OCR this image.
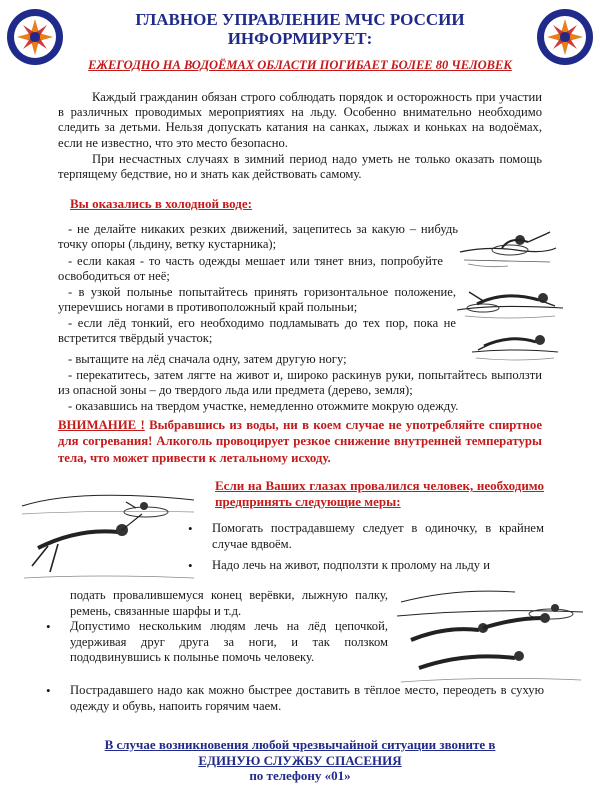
ГЛАВНОЕ УПРАВЛЕНИЕ МЧС РОССИИ
ИНФОРМИРУЕТ:
ЕЖЕГОДНО НА ВОДОЁМАХ ОБЛАСТИ ПОГИБАЕТ БОЛЕЕ 80 ЧЕЛОВЕК
Каждый гражданин обязан строго соблюдать порядок и осторожность при участии в различных проводимых мероприятиях на льду. Особенно внимательно необходимо следить за детьми. Нельзя допускать катания на санках, лыжах и коньках на водоёмах, если не известно, что это место безопасно.
При несчастных случаях в зимний период надо уметь не только оказать помощь терпящему бедствие, но и знать как действовать самому.
Вы оказались в холодной воде:
- не делайте никаких резких движений, зацепитесь за какую – нибудь точку опоры (льдину, ветку кустарника);
- если какая - то часть одежды мешает или тянет вниз, попробуйте освободиться от неё;
- в узкой полынье попытайтесь принять горизонтальное положение, упереvшись ногами в противоположный край полыньи;
- если лёд тонкий, его необходимо подламывать до тех пор, пока не встретится твёрдый участок;
- вытащите на лёд сначала одну, затем другую ногу;
- перекатитесь, затем лягте на живот и, широко раскинув руки, попытайтесь выползти из опасной зоны – до твердого льда или предмета (дерево, земля);
- оказавшись на твердом участке, немедленно отожмите мокрую одежду.
ВНИМАНИЕ ! Выбравшись из воды, ни в коем случае не употребляйте спиртное для согревания! Алкоголь провоцирует резкое снижение внутренней температуры тела, что может привести к летальному исходу.
Если на Ваших глазах провалился человек, необходимо предпринять следующие меры:
• Помогать пострадавшему следует в одиночку, в крайнем случае вдвоём.
• Надо лечь на живот, подползти к пролому на льду и
подать провалившемуся конец верёвки, лыжную палку, ремень, связанные шарфы и т.д.
• Допустимо нескольким людям лечь на лёд цепочкой, удерживая друг друга за ноги, и так ползком пододвинувшись к полынье помочь человеку.
• Пострадавшего надо как можно быстрее доставить в тёплое место, переодеть в сухую одежду и обувь, напоить горячим чаем.
В случае возникновения любой чрезвычайной ситуации звоните в
ЕДИНУЮ СЛУЖБУ СПАСЕНИЯ
по телефону «01»
